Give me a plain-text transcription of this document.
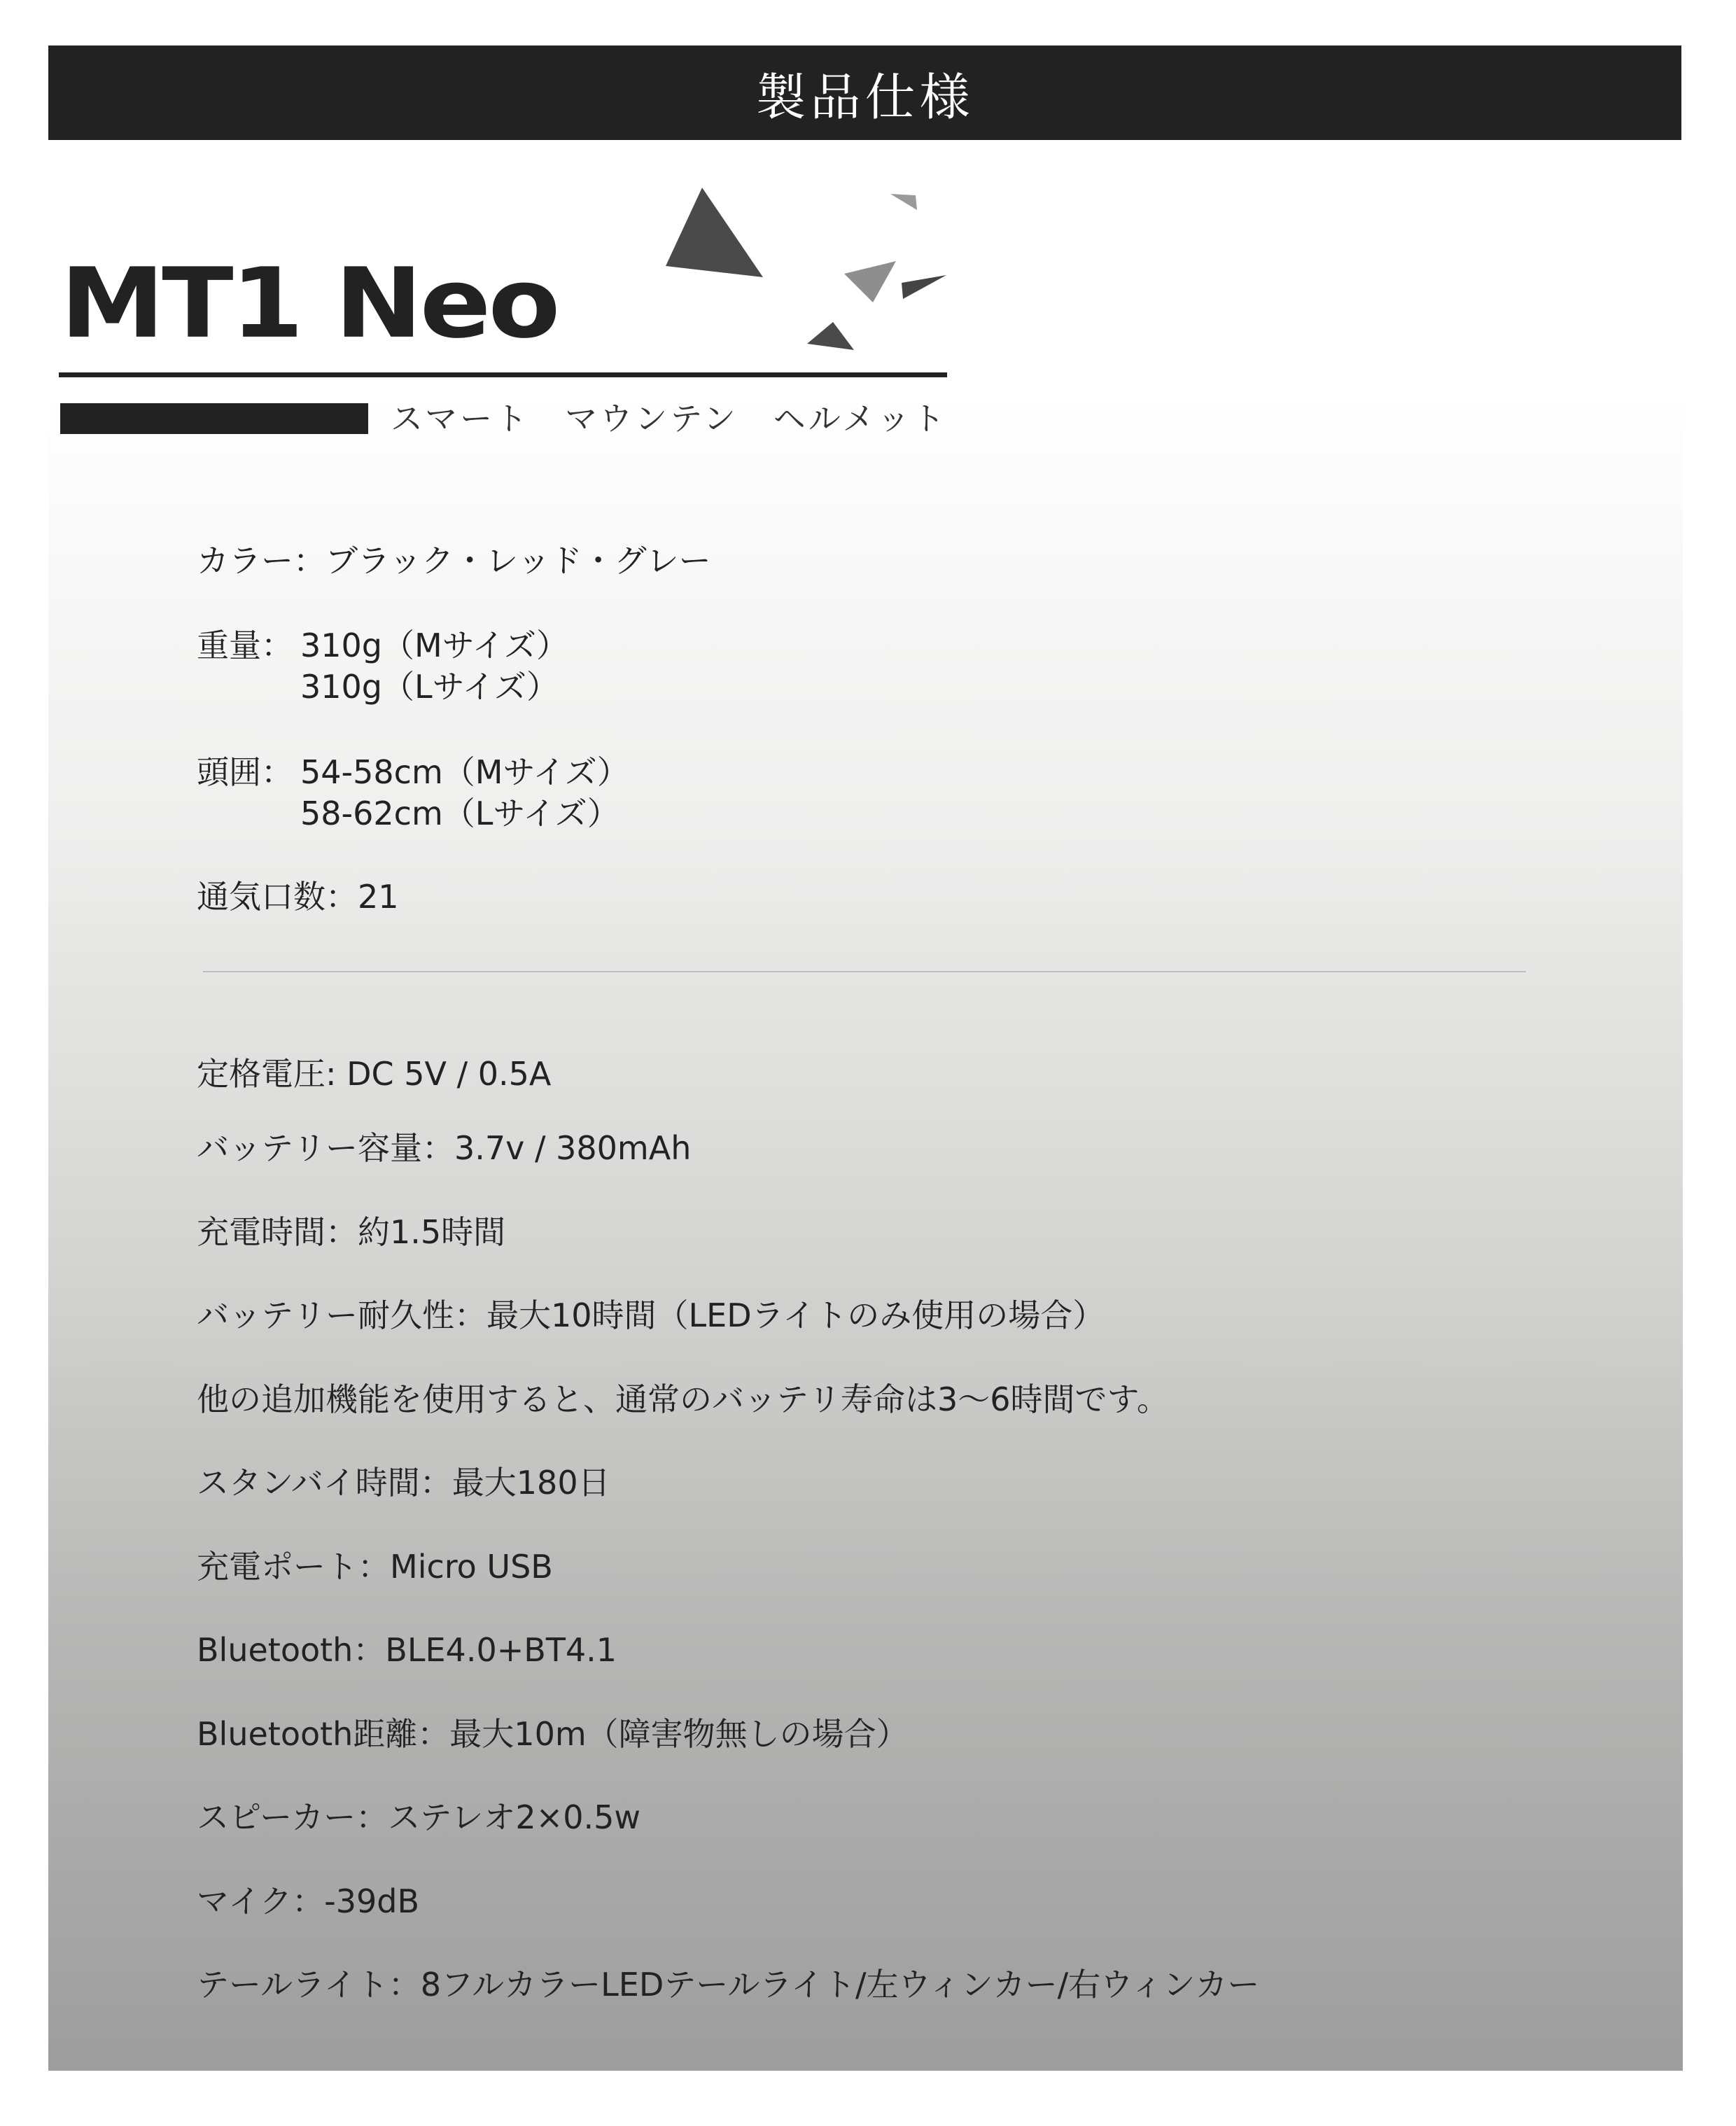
製品仕様
MT1 Neo
スマート　マウンテン　ヘルメット
カラー：ブラック・レッド・グレー
重量： 310g（Mサイズ）
310g（Lサイズ）
頭囲： 54-58cm（Mサイズ）
58-62cm（Lサイズ）
通気口数：21
定格電圧: DC 5V / 0.5A
バッテリー容量：3.7v / 380mAh
充電時間：約1.5時間
バッテリー耐久性：最大10時間（LEDライトのみ使用の場合）
他の追加機能を使用すると、通常のバッテリ寿命は3～6時間です。
スタンバイ時間：最大180日
充電ポート：Micro USB
Bluetooth：BLE4.0+BT4.1
Bluetooth距離：最大10m（障害物無しの場合）
スピーカー：ステレオ2×0.5w
マイク：-39dB
テールライト：8フルカラーLEDテールライト/左ウィンカー/右ウィンカー
